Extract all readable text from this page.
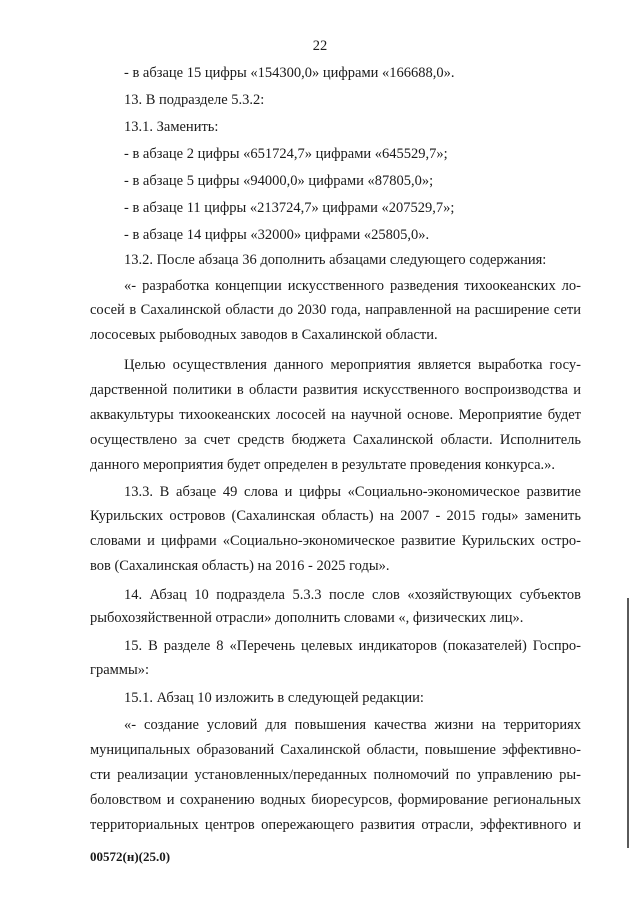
22
- в абзаце 15 цифры «154300,0» цифрами «166688,0».
13. В подразделе 5.3.2:
13.1. Заменить:
- в абзаце 2 цифры «651724,7» цифрами «645529,7»;
- в абзаце 5 цифры «94000,0» цифрами «87805,0»;
- в абзаце 11 цифры «213724,7» цифрами «207529,7»;
- в абзаце 14 цифры «32000» цифрами «25805,0».
13.2. После абзаца 36 дополнить абзацами следующего содержания:
«- разработка концепции искусственного разведения тихоокеанских ло-
сосей в Сахалинской области до 2030 года, направленной на расширение сети
лососевых рыбоводных заводов в Сахалинской области.
Целью осуществления данного мероприятия является выработка госу-
дарственной политики в области развития искусственного воспроизводства и
аквакультуры тихоокеанских лососей на научной основе. Мероприятие будет
осуществлено за счет средств бюджета Сахалинской области. Исполнитель
данного мероприятия будет определен в результате проведения конкурса.».
13.3. В абзаце 49 слова и цифры «Социально-экономическое развитие
Курильских островов (Сахалинская область) на 2007 - 2015 годы» заменить
словами и цифрами «Социально-экономическое развитие Курильских остро-
вов (Сахалинская область) на 2016 - 2025 годы».
14. Абзац 10 подраздела 5.3.3 после слов «хозяйствующих субъектов
рыбохозяйственной отрасли» дополнить словами «, физических лиц».
15. В разделе 8 «Перечень целевых индикаторов (показателей) Госпро-
граммы»:
15.1. Абзац 10 изложить в следующей редакции:
«- создание условий для повышения качества жизни на территориях
муниципальных образований Сахалинской области, повышение эффективно-
сти реализации установленных/переданных полномочий по управлению ры-
боловством и сохранению водных биоресурсов, формирование региональных
территориальных центров опережающего развития отрасли, эффективного и
00572(н)(25.0)
